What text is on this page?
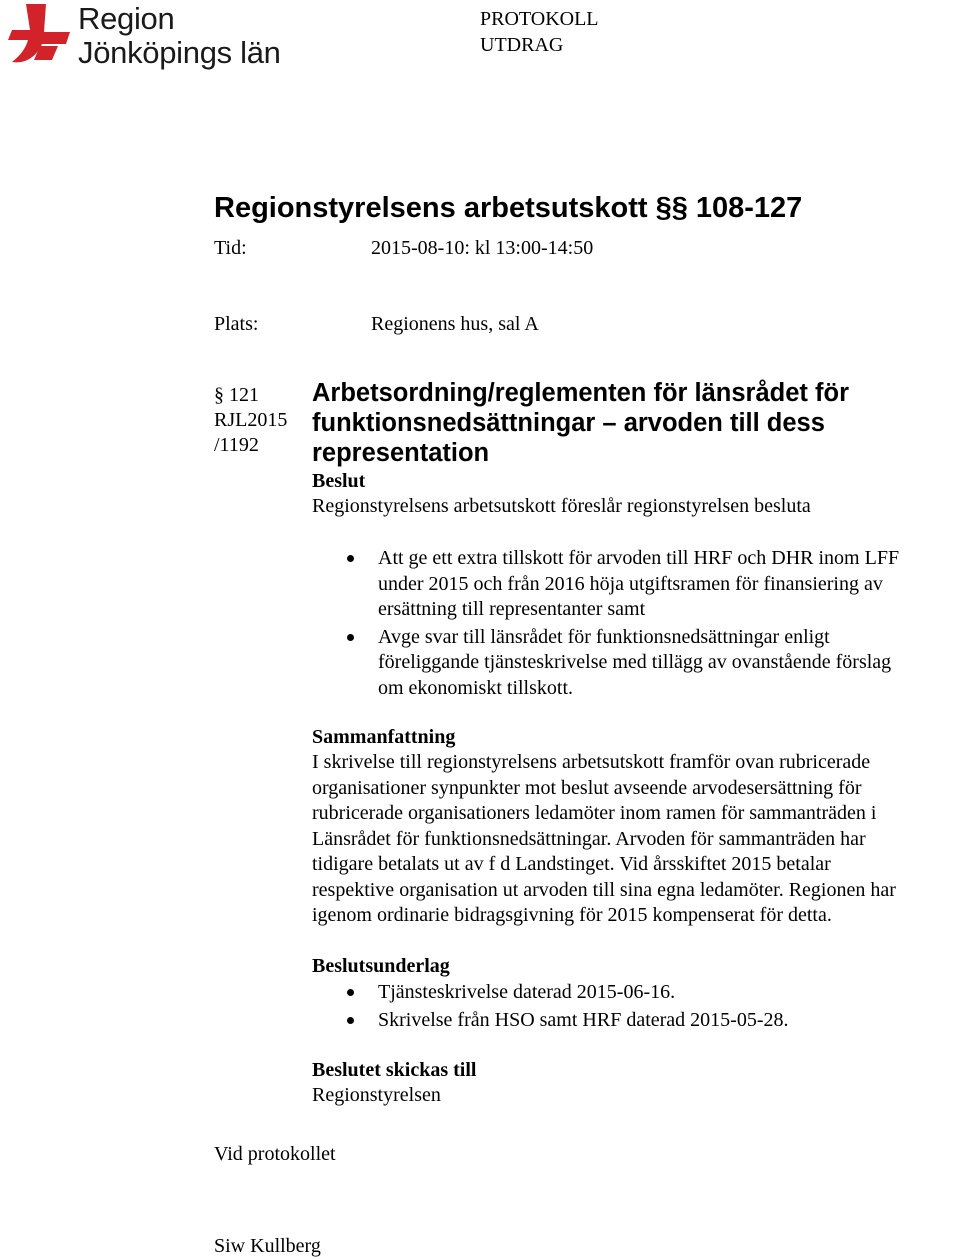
Region
Jönköpings län
PROTOKOLL
UTDRAG
Regionstyrelsens arbetsutskott §§ 108-127
Tid:	2015-08-10: kl 13:00-14:50
Plats:	Regionens hus, sal A
§ 121
RJL2015
/1192
Arbetsordning/reglementen för länsrådet för
funktionsnedsättningar – arvoden till dess
representation
Beslut
Regionstyrelsens arbetsutskott föreslår regionstyrelsen besluta
Att ge ett extra tillskott för arvoden till HRF och DHR inom LFF
under 2015 och från 2016 höja utgiftsramen för finansiering av
ersättning till representanter samt
Avge svar till länsrådet för funktionsnedsättningar enligt
föreliggande tjänsteskrivelse med tillägg av ovanstående förslag
om ekonomiskt tillskott.
Sammanfattning
I skrivelse till regionstyrelsens arbetsutskott framför ovan rubricerade
organisationer synpunkter mot beslut avseende arvodesersättning för
rubricerade organisationers ledamöter inom ramen för sammanträden i
Länsrådet för funktionsnedsättningar. Arvoden för sammanträden har
tidigare betalats ut av f d Landstinget. Vid årsskiftet 2015 betalar
respektive organisation ut arvoden till sina egna ledamöter. Regionen har
igenom ordinarie bidragsgivning för 2015 kompenserat för detta.
Beslutsunderlag
Tjänsteskrivelse daterad 2015-06-16.
Skrivelse från HSO samt HRF daterad 2015-05-28.
Beslutet skickas till
Regionstyrelsen
Vid protokollet
Siw Kullberg
